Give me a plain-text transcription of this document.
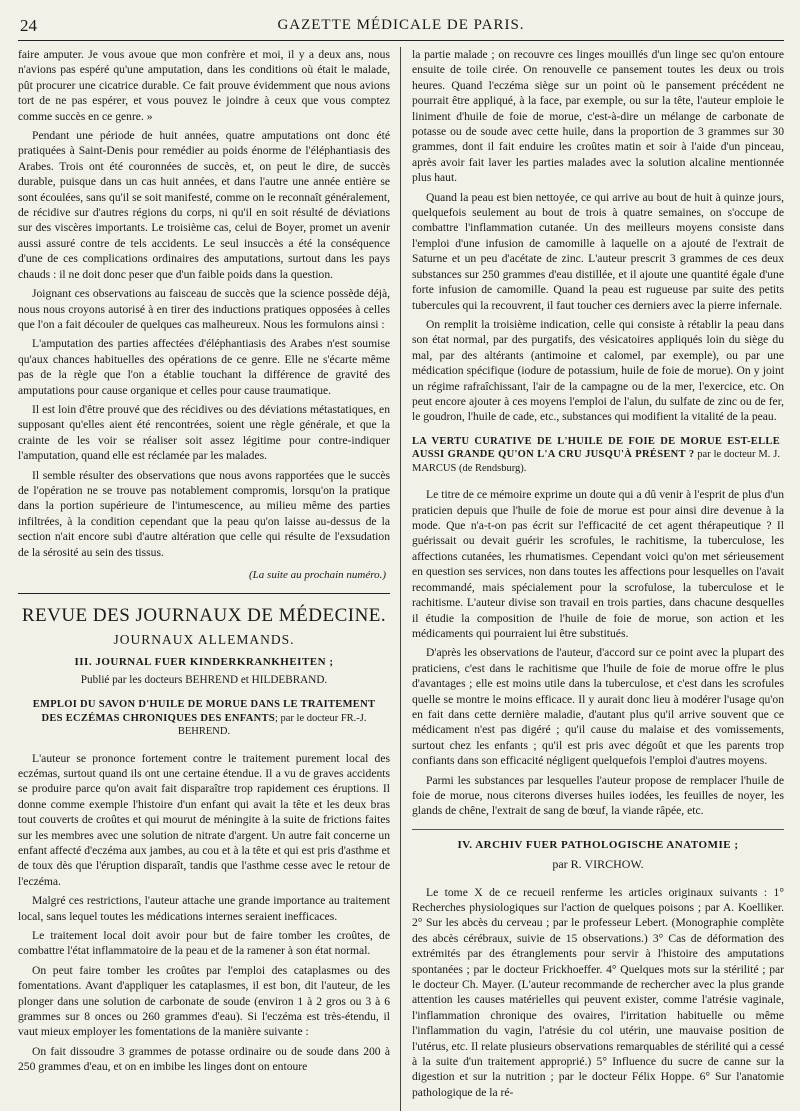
24	GAZETTE MÉDICALE DE PARIS.

faire amputer. Je vous avoue que mon confrère et moi, il y a deux ans, nous n'avions pas espéré qu'une amputation, dans les conditions où était le malade, pût procurer une cicatrice durable. Ce fait prouve évidemment que nous avions tort de ne pas espérer, et vous pouvez le joindre à ceux que vous comptez comme succès en ce genre. »

Pendant une période de huit années, quatre amputations ont donc été pratiquées à Saint-Denis pour remédier au poids énorme de l'éléphantiasis des Arabes. Trois ont été couronnées de succès, et, on peut le dire, de succès durable, puisque dans un cas huit années, et dans l'autre une année entière se sont écoulées, sans qu'il se soit manifesté, comme on le reconnaît généralement, de récidive sur d'autres régions du corps, ni qu'il en soit résulté de déviations sur des viscères importants. Le troisième cas, celui de Boyer, promet un avenir aussi assuré contre de tels accidents. Le seul insuccès a été la conséquence d'une de ces complications ordinaires des amputations, surtout dans les pays chauds : il ne doit donc peser que d'un faible poids dans la question.

Joignant ces observations au faisceau de succès que la science possède déjà, nous nous croyons autorisé à en tirer des inductions pratiques opposées à celles que l'on a fait découler de quelques cas malheureux. Nous les formulons ainsi :

L'amputation des parties affectées d'éléphantiasis des Arabes n'est soumise qu'aux chances habituelles des opérations de ce genre. Elle ne s'écarte même pas de la règle que l'on a établie touchant la différence de gravité des amputations pour cause organique et celles pour cause traumatique.

Il est loin d'être prouvé que des récidives ou des déviations métastatiques, en supposant qu'elles aient été rencontrées, soient une règle générale, et que la crainte de les voir se réaliser soit assez légitime pour contre-indiquer l'amputation, quand elle est réclamée par les malades.

Il semble résulter des observations que nous avons rapportées que le succès de l'opération ne se trouve pas notablement compromis, lorsqu'on la pratique dans la portion supérieure de l'intumescence, au milieu même des parties infiltrées, à la condition cependant que la peau qu'on laisse au-dessus de la section n'ait encore subi d'autre altération que celle qui résulte de l'exsudation de la sérosité au sein des tissus.

(La suite au prochain numéro.)
REVUE DES JOURNAUX DE MÉDECINE.
JOURNAUX ALLEMANDS.
III. JOURNAL FUER KINDERKRANKHEITEN ;
Publié par les docteurs BEHREND et HILDEBRAND.
EMPLOI DU SAVON D'HUILE DE MORUE DANS LE TRAITEMENT DES ECZÉMAS CHRONIQUES DES ENFANTS; par le docteur FR.-J. BEHREND.

L'auteur se prononce fortement contre le traitement purement local des eczémas, surtout quand ils ont une certaine étendue. Il a vu de graves accidents se produire parce qu'on avait fait disparaître trop rapidement ces éruptions. Il donne comme exemple l'histoire d'un enfant qui avait la tête et les deux bras tout couverts de croûtes et qui mourut de méningite à la suite de frictions faites sur les membres avec une solution de nitrate d'argent. Un autre fait concerne un enfant affecté d'eczéma aux jambes, au cou et à la tête et qui est pris d'asthme et de toux dès que l'éruption disparaît, tandis que l'asthme cesse avec le retour de l'eczéma.

Malgré ces restrictions, l'auteur attache une grande importance au traitement local, sans lequel toutes les médications internes seraient inefficaces.

Le traitement local doit avoir pour but de faire tomber les croûtes, de combattre l'état inflammatoire de la peau et de la ramener à son état normal.

On peut faire tomber les croûtes par l'emploi des cataplasmes ou des fomentations. Avant d'appliquer les cataplasmes, il est bon, dit l'auteur, de les plonger dans une solution de carbonate de soude (environ 1 à 2 gros ou 3 à 6 grammes sur 8 onces ou 260 grammes d'eau). Si l'eczéma est très-étendu, il vaut mieux employer les fomentations de la manière suivante :

On fait dissoudre 3 grammes de potasse ordinaire ou de soude dans 200 à 250 grammes d'eau, et on en imbibe les linges dont on entoure

la partie malade ; on recouvre ces linges mouillés d'un linge sec qu'on entoure ensuite de toile cirée. On renouvelle ce pansement toutes les deux ou trois heures. Quand l'eczéma siège sur un point où le pansement précédent ne pourrait être appliqué, à la face, par exemple, ou sur la tête, l'auteur emploie le liniment d'huile de foie de morue, c'est-à-dire un mélange de carbonate de potasse ou de soude avec cette huile, dans la proportion de 3 grammes sur 30 grammes, dont il fait enduire les croûtes matin et soir à l'aide d'un pinceau, après avoir fait laver les parties malades avec la solution alcaline mentionnée plus haut.

Quand la peau est bien nettoyée, ce qui arrive au bout de huit à quinze jours, quelquefois seulement au bout de trois à quatre semaines, on s'occupe de combattre l'inflammation cutanée. Un des meilleurs moyens consiste dans l'emploi d'une infusion de camomille à laquelle on a ajouté de l'extrait de Saturne et un peu d'acétate de zinc. L'auteur prescrit 3 grammes de ces deux substances sur 250 grammes d'eau distillée, et il ajoute une quantité égale d'une forte infusion de camomille. Quand la peau est rugueuse par suite des petits tubercules qui la recouvrent, il faut toucher ces derniers avec la pierre infernale.

On remplit la troisième indication, celle qui consiste à rétablir la peau dans son état normal, par des purgatifs, des vésicatoires appliqués loin du siège du mal, par des altérants (antimoine et calomel, par exemple), ou par une médication spécifique (iodure de potassium, huile de foie de morue). On y joint un régime rafraîchissant, l'air de la campagne ou de la mer, l'exercice, etc. On peut encore ajouter à ces moyens l'emploi de l'alun, du sulfate de zinc ou de fer, le goudron, l'huile de cade, etc., substances qui modifient la vitalité de la peau.

LA VERTU CURATIVE DE L'HUILE DE FOIE DE MORUE EST-ELLE AUSSI GRANDE QU'ON L'A CRU JUSQU'À PRÉSENT ? par le docteur M. J. MARCUS (de Rendsburg).

Le titre de ce mémoire exprime un doute qui a dû venir à l'esprit de plus d'un praticien depuis que l'huile de foie de morue est pour ainsi dire devenue à la mode. Que n'a-t-on pas écrit sur l'efficacité de cet agent thérapeutique ? Il guérissait ou devait guérir les scrofules, le rachitisme, la tuberculose, les affections cutanées, les rhumatismes. Cependant voici qu'on met sérieusement en question ses services, non dans toutes les affections pour lesquelles on l'avait recommandé, mais spécialement pour la scrofulose, la tuberculose et le rachitisme. L'auteur divise son travail en trois parties, dans chacune desquelles il étudie la composition de l'huile de foie de morue, son action et les médicaments qui pourraient lui être substitués.

D'après les observations de l'auteur, d'accord sur ce point avec la plupart des praticiens, c'est dans le rachitisme que l'huile de foie de morue offre le plus d'avantages ; elle est moins utile dans la tuberculose, et c'est dans les scrofules quelle se montre le moins efficace. Il y aurait donc lieu à modérer l'usage qu'on en fait dans cette dernière maladie, d'autant plus qu'il arrive souvent que ce médicament n'est pas digéré ; qu'il cause du malaise et des vomissements, surtout chez les enfants ; qu'il est pris avec dégoût et que les parents trop confiants dans son efficacité négligent quelquefois l'emploi d'autres moyens.

Parmi les substances par lesquelles l'auteur propose de remplacer l'huile de foie de morue, nous citerons diverses huiles iodées, les feuilles de noyer, les glands de chêne, l'extrait de sang de bœuf, la viande râpée, etc.

IV. ARCHIV FUER PATHOLOGISCHE ANATOMIE ;
par R. VIRCHOW.

Le tome X de ce recueil renferme les articles originaux suivants : 1° Recherches physiologiques sur l'action de quelques poisons ; par A. Koelliker. 2° Sur les abcès du cerveau ; par le professeur Lebert. (Monographie complète des abcès cérébraux, suivie de 15 observations.) 3° Cas de déformation des extrémités par des étranglements pour servir à l'histoire des amputations spontanées ; par le docteur Frickhoeffer. 4° Quelques mots sur la stérilité ; par le docteur Ch. Mayer. (L'auteur recommande de rechercher avec la plus grande attention les causes matérielles qui peuvent exister, comme l'atrésie vaginale, l'inflammation chronique des ovaires, l'irritation habituelle ou même l'inflammation du vagin, l'atrésie du col utérin, une mauvaise position de l'utérus, etc. Il relate plusieurs observations remarquables de stérilité qui a cessé à la suite d'un traitement approprié.) 5° Influence du sucre de canne sur la digestion et sur la nutrition ; par le docteur Félix Hoppe. 6° Sur l'anatomie pathologique de la ré-
